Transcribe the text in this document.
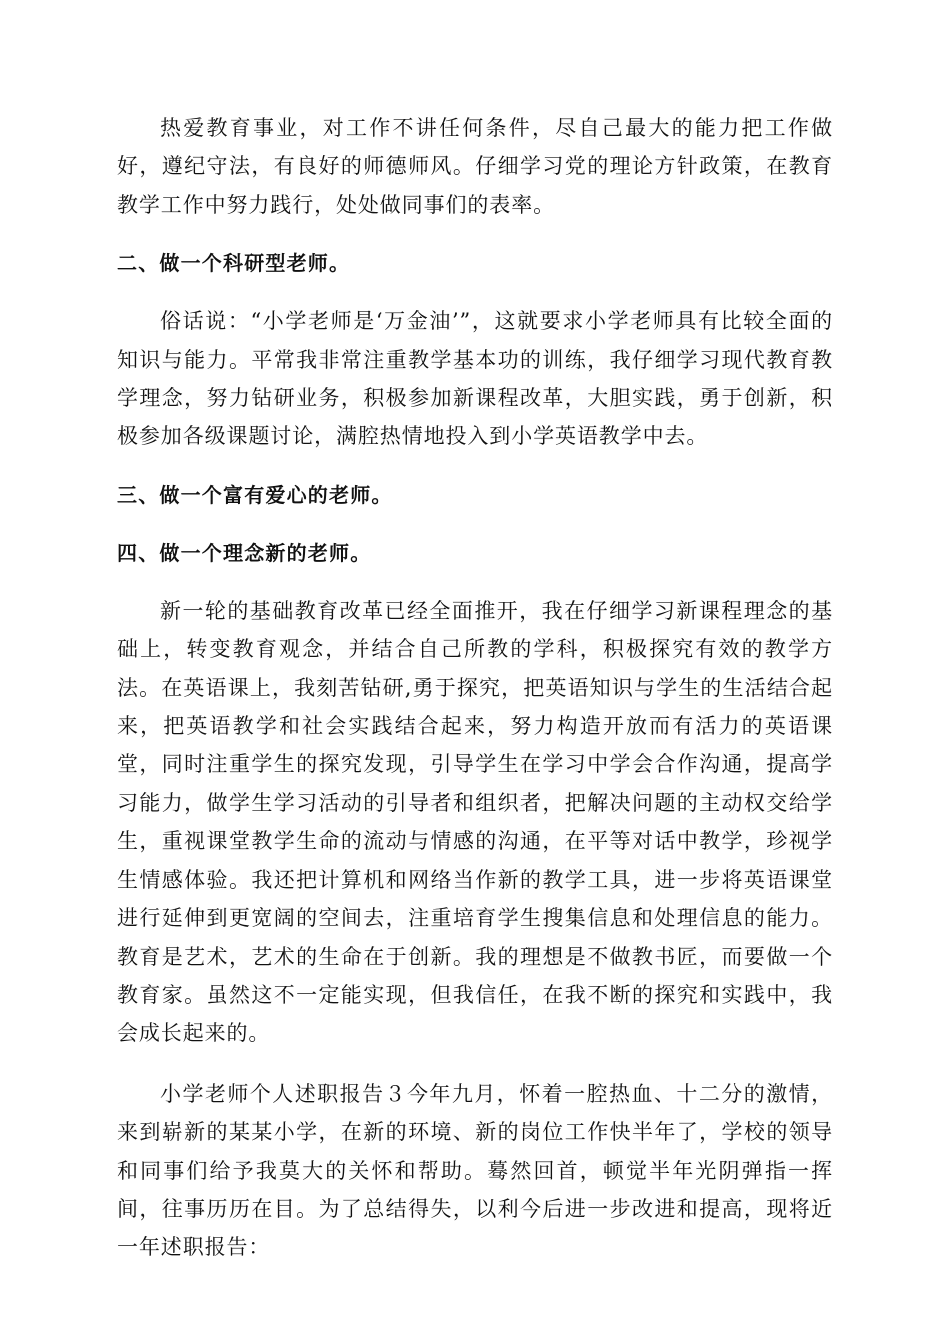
热爱教育事业，对工作不讲任何条件，尽自己最大的能力把工作做好，遵纪守法，有良好的师德师风。仔细学习党的理论方针政策，在教育教学工作中努力践行，处处做同事们的表率。

二、做一个科研型老师。

俗话说：“小学老师是‘万金油’”，这就要求小学老师具有比较全面的知识与能力。平常我非常注重教学基本功的训练，我仔细学习现代教育教学理念，努力钻研业务，积极参加新课程改革，大胆实践，勇于创新，积极参加各级课题讨论，满腔热情地投入到小学英语教学中去。

三、做一个富有爱心的老师。

四、做一个理念新的老师。

新一轮的基础教育改革已经全面推开，我在仔细学习新课程理念的基础上，转变教育观念，并结合自己所教的学科，积极探究有效的教学方法。在英语课上，我刻苦钻研,勇于探究，把英语知识与学生的生活结合起来，把英语教学和社会实践结合起来，努力构造开放而有活力的英语课堂，同时注重学生的探究发现，引导学生在学习中学会合作沟通，提高学习能力，做学生学习活动的引导者和组织者，把解决问题的主动权交给学生，重视课堂教学生命的流动与情感的沟通，在平等对话中教学，珍视学生情感体验。我还把计算机和网络当作新的教学工具，进一步将英语课堂进行延伸到更宽阔的空间去，注重培育学生搜集信息和处理信息的能力。教育是艺术，艺术的生命在于创新。我的理想是不做教书匠，而要做一个教育家。虽然这不一定能实现，但我信任，在我不断的探究和实践中，我会成长起来的。

小学老师个人述职报告３今年九月，怀着一腔热血、十二分的激情，来到崭新的某某小学，在新的环境、新的岗位工作快半年了，学校的领导和同事们给予我莫大的关怀和帮助。蓦然回首，顿觉半年光阴弹指一挥间，往事历历在目。为了总结得失，以利今后进一步改进和提高，现将近一年述职报告：
